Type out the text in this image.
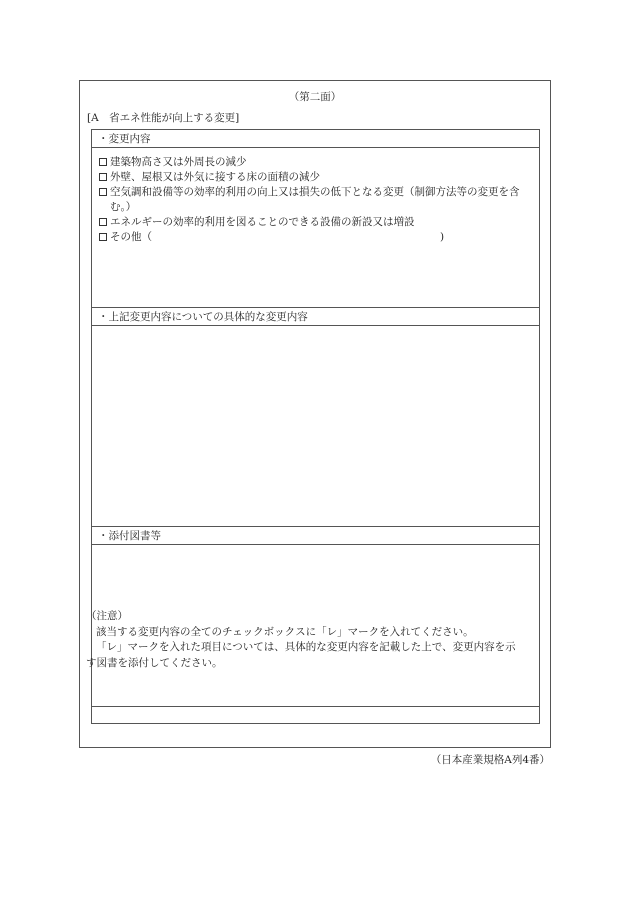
（第二面）
[A　省エネ性能が向上する変更]
・変更内容
建築物高さ又は外周長の減少
外壁、屋根又は外気に接する床の面積の減少
空気調和設備等の効率的利用の向上又は損失の低下となる変更（制御方法等の変更を含む。）
エネルギーの効率的利用を図ることのできる設備の新設又は増設
その他（	)
・上記変更内容についての具体的な変更内容
・添付図書等

（注意）

該当する変更内容の全てのチェックボックスに「レ」マークを入れてください。

「レ」マークを入れた項目については、具体的な変更内容を記載した上で、変更内容を示す図書を添付してください。

（日本産業規格A列4番）
